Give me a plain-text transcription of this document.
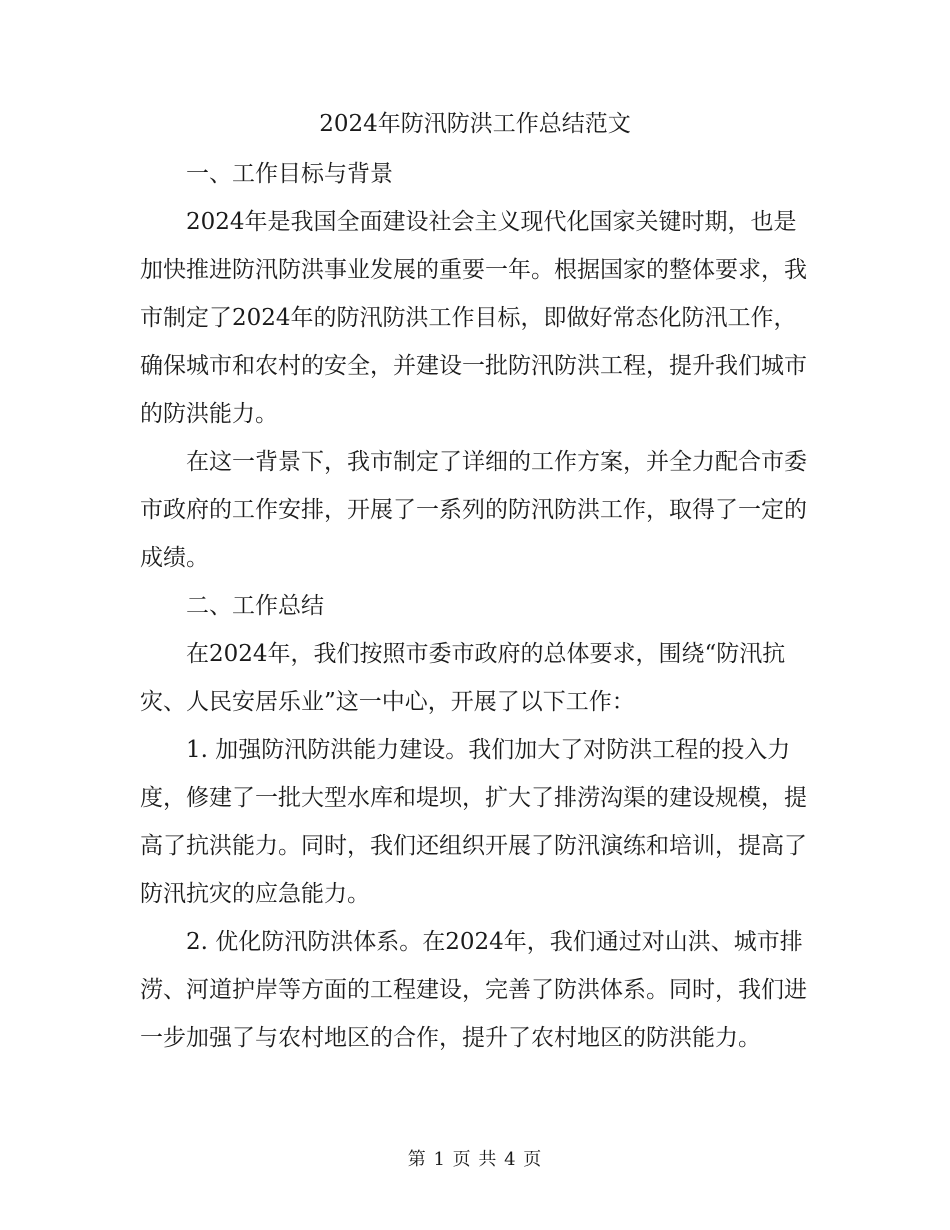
2024年防汛防洪工作总结范文

一、工作目标与背景

2024年是我国全面建设社会主义现代化国家关键时期，也是加快推进防汛防洪事业发展的重要一年。根据国家的整体要求，我市制定了2024年的防汛防洪工作目标，即做好常态化防汛工作，确保城市和农村的安全，并建设一批防汛防洪工程，提升我们城市的防洪能力。

在这一背景下，我市制定了详细的工作方案，并全力配合市委市政府的工作安排，开展了一系列的防汛防洪工作，取得了一定的成绩。

二、工作总结

在2024年，我们按照市委市政府的总体要求，围绕“防汛抗灾、人民安居乐业”这一中心，开展了以下工作：

1. 加强防汛防洪能力建设。我们加大了对防洪工程的投入力度，修建了一批大型水库和堤坝，扩大了排涝沟渠的建设规模，提高了抗洪能力。同时，我们还组织开展了防汛演练和培训，提高了防汛抗灾的应急能力。

2. 优化防汛防洪体系。在2024年，我们通过对山洪、城市排涝、河道护岸等方面的工程建设，完善了防洪体系。同时，我们进一步加强了与农村地区的合作，提升了农村地区的防洪能力。

第 1 页 共 4 页
